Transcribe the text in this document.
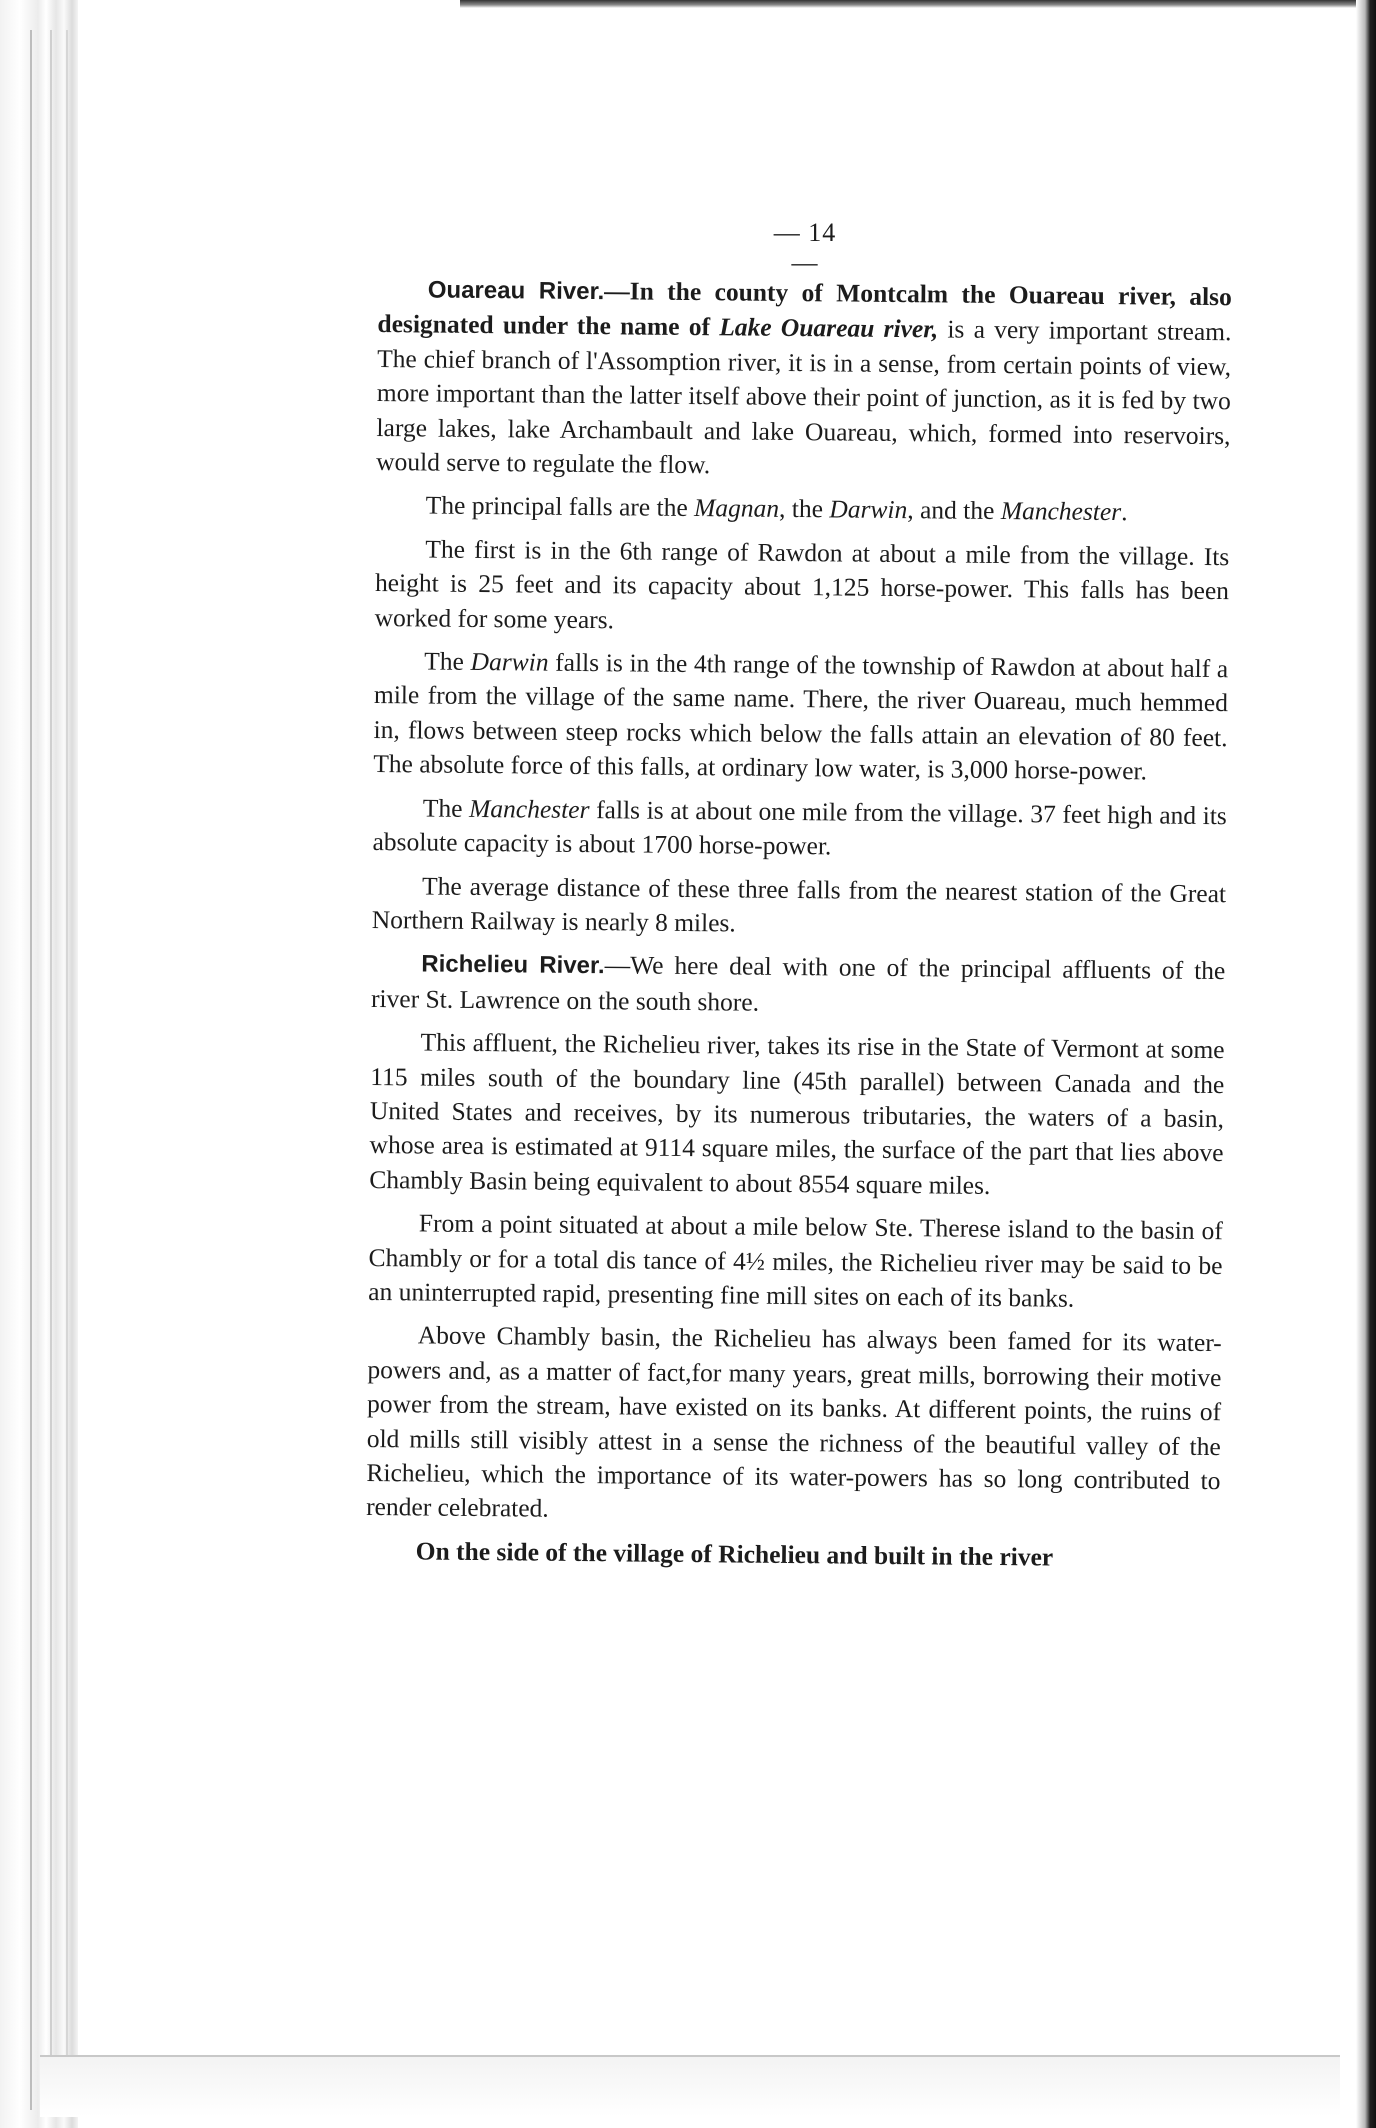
— 14 —

Ouareau River.—In the county of Montcalm the Ouareau river, also designated under the name of Lake Ouareau river, is a very important stream. The chief branch of l'Assomption river, it is in a sense, from certain points of view, more important than the latter itself above their point of junction, as it is fed by two large lakes, lake Archambault and lake Ouareau, which, formed into reservoirs, would serve to regulate the flow.

The principal falls are the Magnan, the Darwin, and the Manchester.

The first is in the 6th range of Rawdon at about a mile from the village. Its height is 25 feet and its capacity about 1,125 horse-power. This falls has been worked for some years.

The Darwin falls is in the 4th range of the township of Rawdon at about half a mile from the village of the same name. There, the river Ouareau, much hemmed in, flows between steep rocks which below the falls attain an elevation of 80 feet. The absolute force of this falls, at ordinary low water, is 3,000 horse-power.

The Manchester falls is at about one mile from the village. 37 feet high and its absolute capacity is about 1700 horse-power.

The average distance of these three falls from the nearest station of the Great Northern Railway is nearly 8 miles.

Richelieu River.—We here deal with one of the principal affluents of the river St. Lawrence on the south shore.

This affluent, the Richelieu river, takes its rise in the State of Vermont at some 115 miles south of the boundary line (45th parallel) between Canada and the United States and receives, by its numerous tributaries, the waters of a basin, whose area is estimated at 9114 square miles, the surface of the part that lies above Chambly Basin being equivalent to about 8554 square miles.

From a point situated at about a mile below Ste. Therese island to the basin of Chambly or for a total dis tance of 4½ miles, the Richelieu river may be said to be an uninterrupted rapid, presenting fine mill sites on each of its banks.

Above Chambly basin, the Richelieu has always been famed for its water-powers and, as a matter of fact,for many years, great mills, borrowing their motive power from the stream, have existed on its banks. At different points, the ruins of old mills still visibly attest in a sense the richness of the beautiful valley of the Richelieu, which the importance of its water-powers has so long contributed to render celebrated.

On the side of the village of Richelieu and built in the river
